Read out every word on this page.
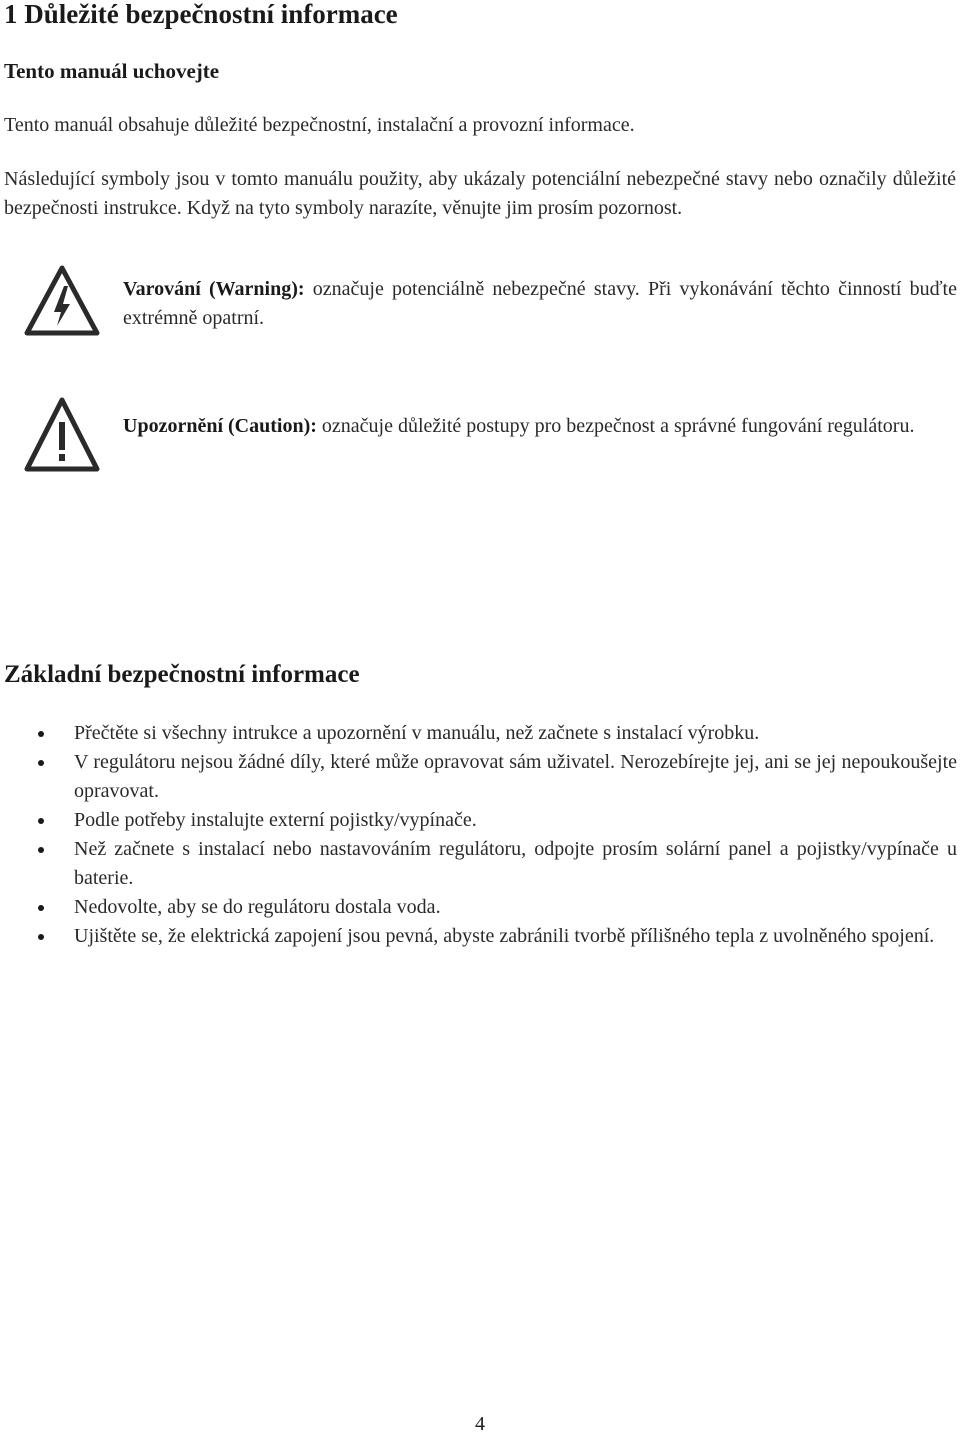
1 Důležité bezpečnostní informace
Tento manuál uchovejte
Tento manuál obsahuje důležité bezpečnostní, instalační a provozní informace.
Následující symboly jsou v tomto manuálu použity, aby ukázaly potenciální nebezpečné stavy nebo označily důležité bezpečnosti instrukce. Když na tyto symboly narazíte, věnujte jim prosím pozornost.
Varování (Warning): označuje potenciálně nebezpečné stavy. Při vykonávání těchto činností buďte extrémně opatrní.
Upozornění (Caution): označuje důležité postupy pro bezpečnost a správné fungování regulátoru.
Základní bezpečnostní informace
Přečtěte si všechny intrukce a upozornění v manuálu, než začnete s instalací výrobku.
V regulátoru nejsou žádné díly, které může opravovat sám uživatel. Nerozebírejte jej, ani se jej nepoukoušejte opravovat.
Podle potřeby instalujte externí pojistky/vypínače.
Než začnete s instalací nebo nastavováním regulátoru, odpojte prosím solární panel a pojistky/vypínače u baterie.
Nedovolte, aby se do regulátoru dostala voda.
Ujištěte se, že elektrická zapojení jsou pevná, abyste zabránili tvorbě přílišného tepla z uvolněného spojení.
4
